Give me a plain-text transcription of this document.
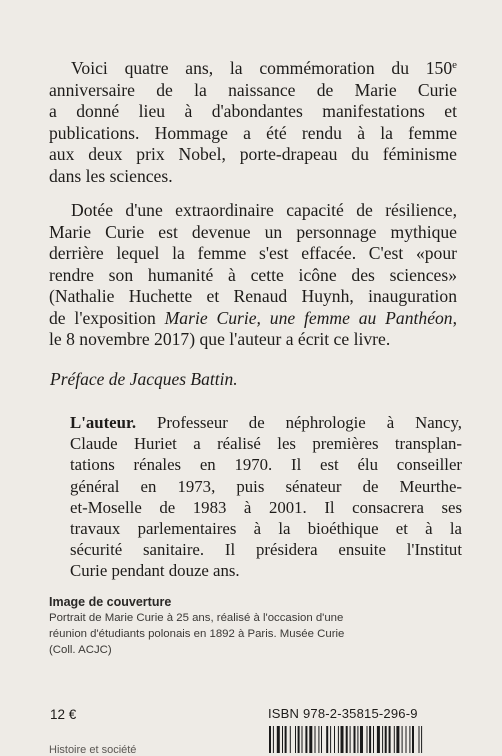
Voici quatre ans, la commémoration du 150e
anniversaire de la naissance de Marie Curie
a donné lieu à d'abondantes manifestations et
publications. Hommage a été rendu à la femme
aux deux prix Nobel, porte-drapeau du féminisme
dans les sciences.
Dotée d'une extraordinaire capacité de résilience,
Marie Curie est devenue un personnage mythique
derrière lequel la femme s'est effacée. C'est «pour
rendre son humanité à cette icône des sciences»
(Nathalie Huchette et Renaud Huynh, inauguration
de l'exposition Marie Curie, une femme au Panthéon,
le 8 novembre 2017) que l'auteur a écrit ce livre.
Préface de Jacques Battin.
L'auteur. Professeur de néphrologie à Nancy,
Claude Huriet a réalisé les premières transplan-
tations rénales en 1970. Il est élu conseiller
général en 1973, puis sénateur de Meurthe-
et-Moselle de 1983 à 2001. Il consacrera ses
travaux parlementaires à la bioéthique et à la
sécurité sanitaire. Il présidera ensuite l'Institut
Curie pendant douze ans.
Image de couverture
Portrait de Marie Curie à 25 ans, réalisé à l'occasion d'une
réunion d'étudiants polonais en 1892 à Paris. Musée Curie
(Coll. ACJC)
12 €	ISBN 978-2-35815-296-9
Histoire et société
